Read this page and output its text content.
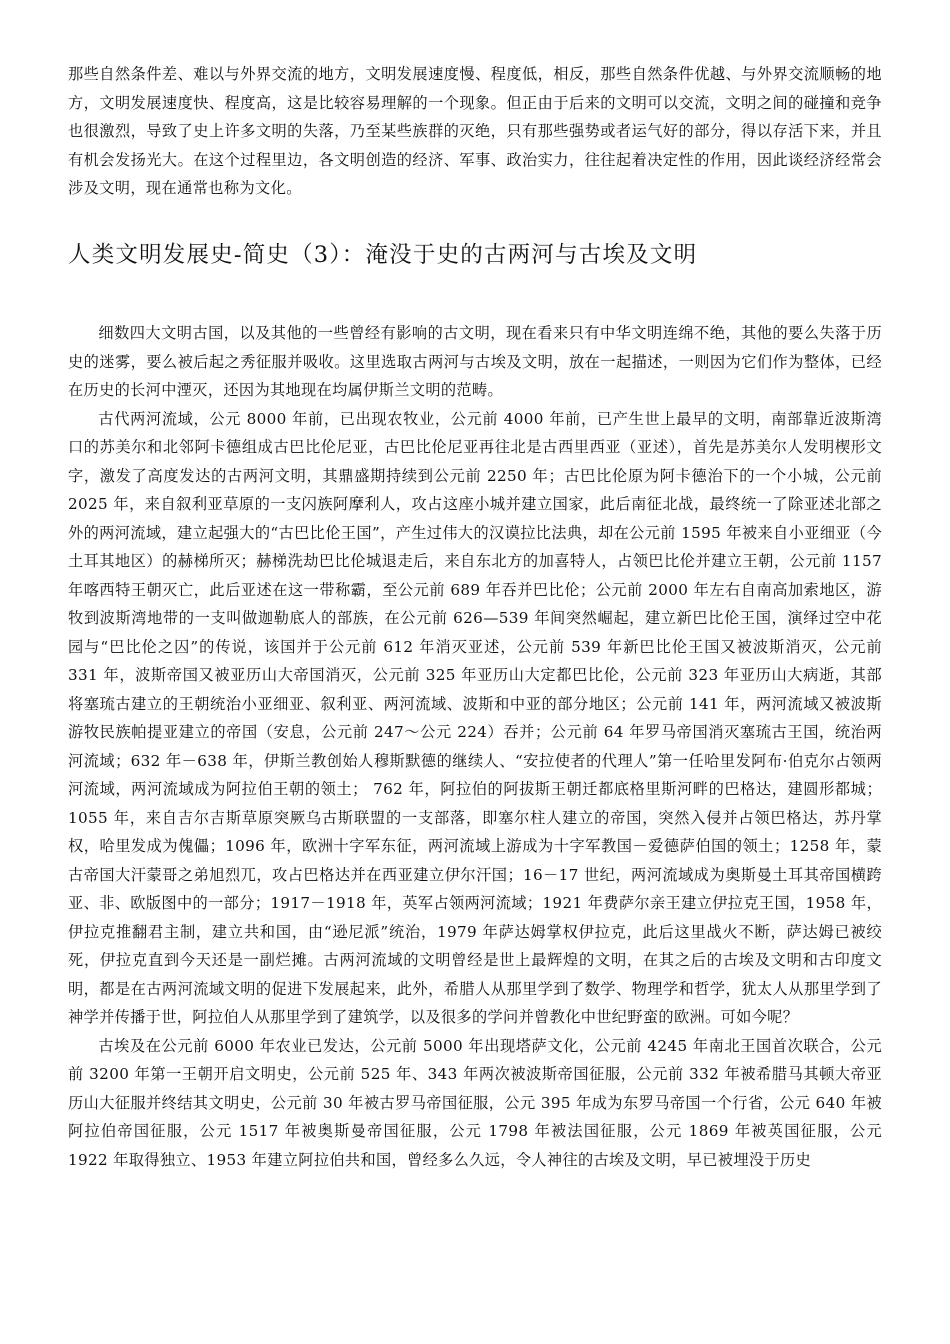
那些自然条件差、难以与外界交流的地方，文明发展速度慢、程度低，相反，那些自然条件优越、与外界交流顺畅的地方，文明发展速度快、程度高，这是比较容易理解的一个现象。但正由于后来的文明可以交流，文明之间的碰撞和竞争也很激烈，导致了史上许多文明的失落，乃至某些族群的灭绝，只有那些强势或者运气好的部分，得以存活下来，并且有机会发扬光大。在这个过程里边，各文明创造的经济、军事、政治实力，往往起着决定性的作用，因此谈经济经常会涉及文明，现在通常也称为文化。

人类文明发展史-简史（3）：淹没于史的古两河与古埃及文明

细数四大文明古国，以及其他的一些曾经有影响的古文明，现在看来只有中华文明连绵不绝，其他的要么失落于历史的迷雾，要么被后起之秀征服并吸收。这里选取古两河与古埃及文明，放在一起描述，一则因为它们作为整体，已经在历史的长河中湮灭，还因为其地现在均属伊斯兰文明的范畴。

古代两河流域，公元 8000 年前，已出现农牧业，公元前 4000 年前，已产生世上最早的文明，南部靠近波斯湾口的苏美尔和北邻阿卡德组成古巴比伦尼亚，古巴比伦尼亚再往北是古西里西亚（亚述），首先是苏美尔人发明楔形文字，激发了高度发达的古两河文明，其鼎盛期持续到公元前 2250 年；古巴比伦原为阿卡德治下的一个小城，公元前 2025 年，来自叙利亚草原的一支闪族阿摩利人，攻占这座小城并建立国家，此后南征北战，最终统一了除亚述北部之外的两河流域，建立起强大的“古巴比伦王国”，产生过伟大的汉谟拉比法典，却在公元前 1595 年被来自小亚细亚（今土耳其地区）的赫梯所灭；赫梯洗劫巴比伦城退走后，来自东北方的加喜特人，占领巴比伦并建立王朝，公元前 1157 年喀西特王朝灭亡，此后亚述在这一带称霸，至公元前 689 年吞并巴比伦；公元前 2000 年左右自南高加索地区，游牧到波斯湾地带的一支叫做迦勒底人的部族，在公元前 626—539 年间突然崛起，建立新巴比伦王国，演绎过空中花园与“巴比伦之囚”的传说，该国并于公元前 612 年消灭亚述，公元前 539 年新巴比伦王国又被波斯消灭，公元前 331 年，波斯帝国又被亚历山大帝国消灭，公元前 325 年亚历山大定都巴比伦，公元前 323 年亚历山大病逝，其部将塞琉古建立的王朝统治小亚细亚、叙利亚、两河流域、波斯和中亚的部分地区；公元前 141 年，两河流域又被波斯游牧民族帕提亚建立的帝国（安息，公元前 247～公元 224）吞并；公元前 64 年罗马帝国消灭塞琉古王国，统治两河流域；632 年－638 年，伊斯兰教创始人穆斯默德的继续人、“安拉使者的代理人”第一任哈里发阿布·伯克尔占领两河流域，两河流域成为阿拉伯王朝的领土； 762 年，阿拉伯的阿拔斯王朝迁都底格里斯河畔的巴格达，建圆形都城；1055 年，来自吉尔吉斯草原突厥乌古斯联盟的一支部落，即塞尔柱人建立的帝国，突然入侵并占领巴格达，苏丹掌权，哈里发成为傀儡；1096 年，欧洲十字军东征，两河流域上游成为十字军教国－爱德萨伯国的领土；1258 年，蒙古帝国大汗蒙哥之弟旭烈兀，攻占巴格达并在西亚建立伊尔汗国；16－17 世纪，两河流域成为奥斯曼土耳其帝国横跨亚、非、欧版图中的一部分；1917－1918 年，英军占领两河流域；1921 年费萨尔亲王建立伊拉克王国，1958 年，伊拉克推翻君主制，建立共和国，由“逊尼派”统治，1979 年萨达姆掌权伊拉克，此后这里战火不断，萨达姆已被绞死，伊拉克直到今天还是一副烂摊。古两河流域的文明曾经是世上最辉煌的文明，在其之后的古埃及文明和古印度文明，都是在古两河流域文明的促进下发展起来，此外，希腊人从那里学到了数学、物理学和哲学，犹太人从那里学到了神学并传播于世，阿拉伯人从那里学到了建筑学，以及很多的学问并曾教化中世纪野蛮的欧洲。可如今呢？

古埃及在公元前 6000 年农业已发达，公元前 5000 年出现塔萨文化，公元前 4245 年南北王国首次联合，公元前 3200 年第一王朝开启文明史，公元前 525 年、343 年两次被波斯帝国征服，公元前 332 年被希腊马其顿大帝亚历山大征服并终结其文明史，公元前 30 年被古罗马帝国征服，公元 395 年成为东罗马帝国一个行省，公元 640 年被阿拉伯帝国征服，公元 1517 年被奥斯曼帝国征服，公元 1798 年被法国征服，公元 1869 年被英国征服，公元 1922 年取得独立、1953 年建立阿拉伯共和国，曾经多么久远，令人神往的古埃及文明，早已被埋没于历史
